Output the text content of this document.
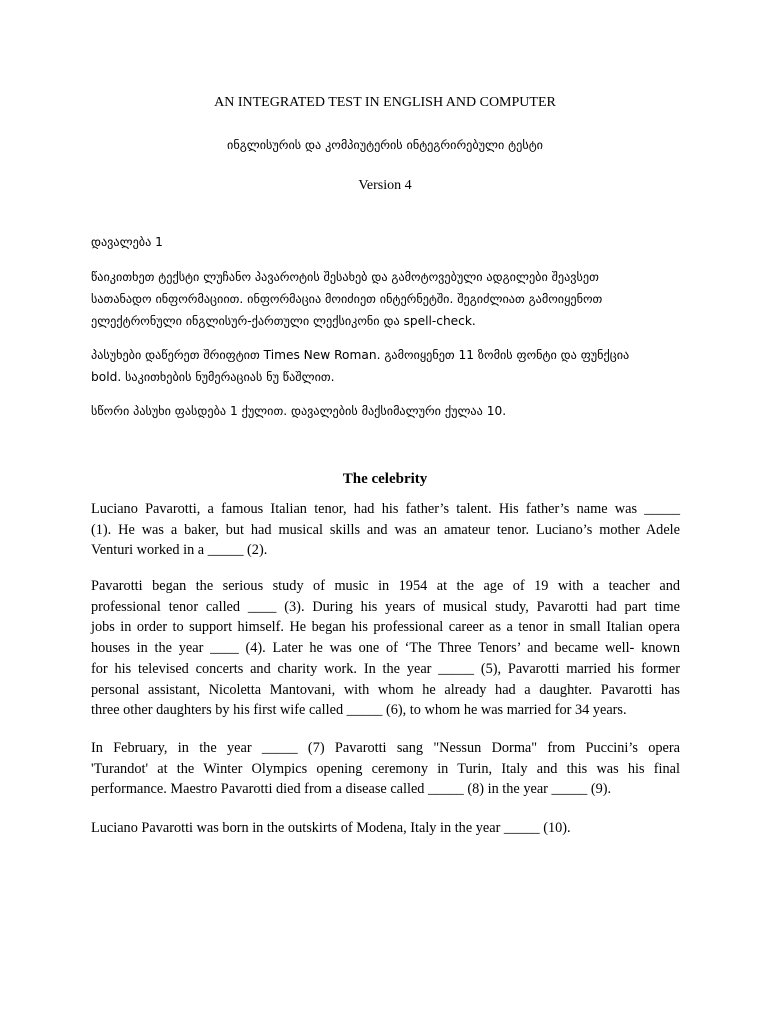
AN INTEGRATED TEST IN ENGLISH AND COMPUTER
ინგლისურის და კომპიუტერის ინტეგრირებული ტესტი
Version 4
დავალება 1
წაიკითხეთ ტექსტი ლუჩანო პავაროტის შესახებ და გამოტოვებული ადგილები შეავსეთ
სათანადო ინფორმაციით. ინფორმაცია მოიძიეთ ინტერნეტში. შეგიძლიათ გამოიყენოთ
ელექტრონული ინგლისურ-ქართული ლექსიკონი და spell-check.
პასუხები დაწერეთ შრიფტით Times New Roman. გამოიყენეთ 11 ზომის ფონტი და ფუნქცია
bold. საკითხების ნუმერაციას ნუ წაშლით.
სწორი პასუხი ფასდება 1 ქულით. დავალების მაქსიმალური ქულაა 10.
The celebrity
Luciano Pavarotti, a famous Italian tenor, had his father’s talent. His father’s name was _____
(1). He was a baker, but had musical skills and was an amateur tenor. Luciano’s mother Adele
Venturi worked in a _____ (2).
Pavarotti began the serious study of music in 1954 at the age of 19 with a teacher and
professional tenor called ____ (3). During his years of musical study, Pavarotti had part time
jobs in order to support himself. He began his professional career as a tenor in small Italian opera
houses in the year ____ (4). Later he was one of ‘The Three Tenors’ and became well- known
for his televised concerts and charity work. In the year _____ (5), Pavarotti married his former
personal assistant, Nicoletta Mantovani, with whom he already had a daughter. Pavarotti has
three other daughters by his first wife called _____ (6), to whom he was married for 34 years.
In February, in the year _____ (7) Pavarotti sang "Nessun Dorma" from Puccini’s opera
'Turandot' at the Winter Olympics opening ceremony in Turin, Italy and this was his final
performance. Maestro Pavarotti died from a disease called _____ (8) in the year _____ (9).
Luciano Pavarotti was born in the outskirts of Modena, Italy in the year _____ (10).
